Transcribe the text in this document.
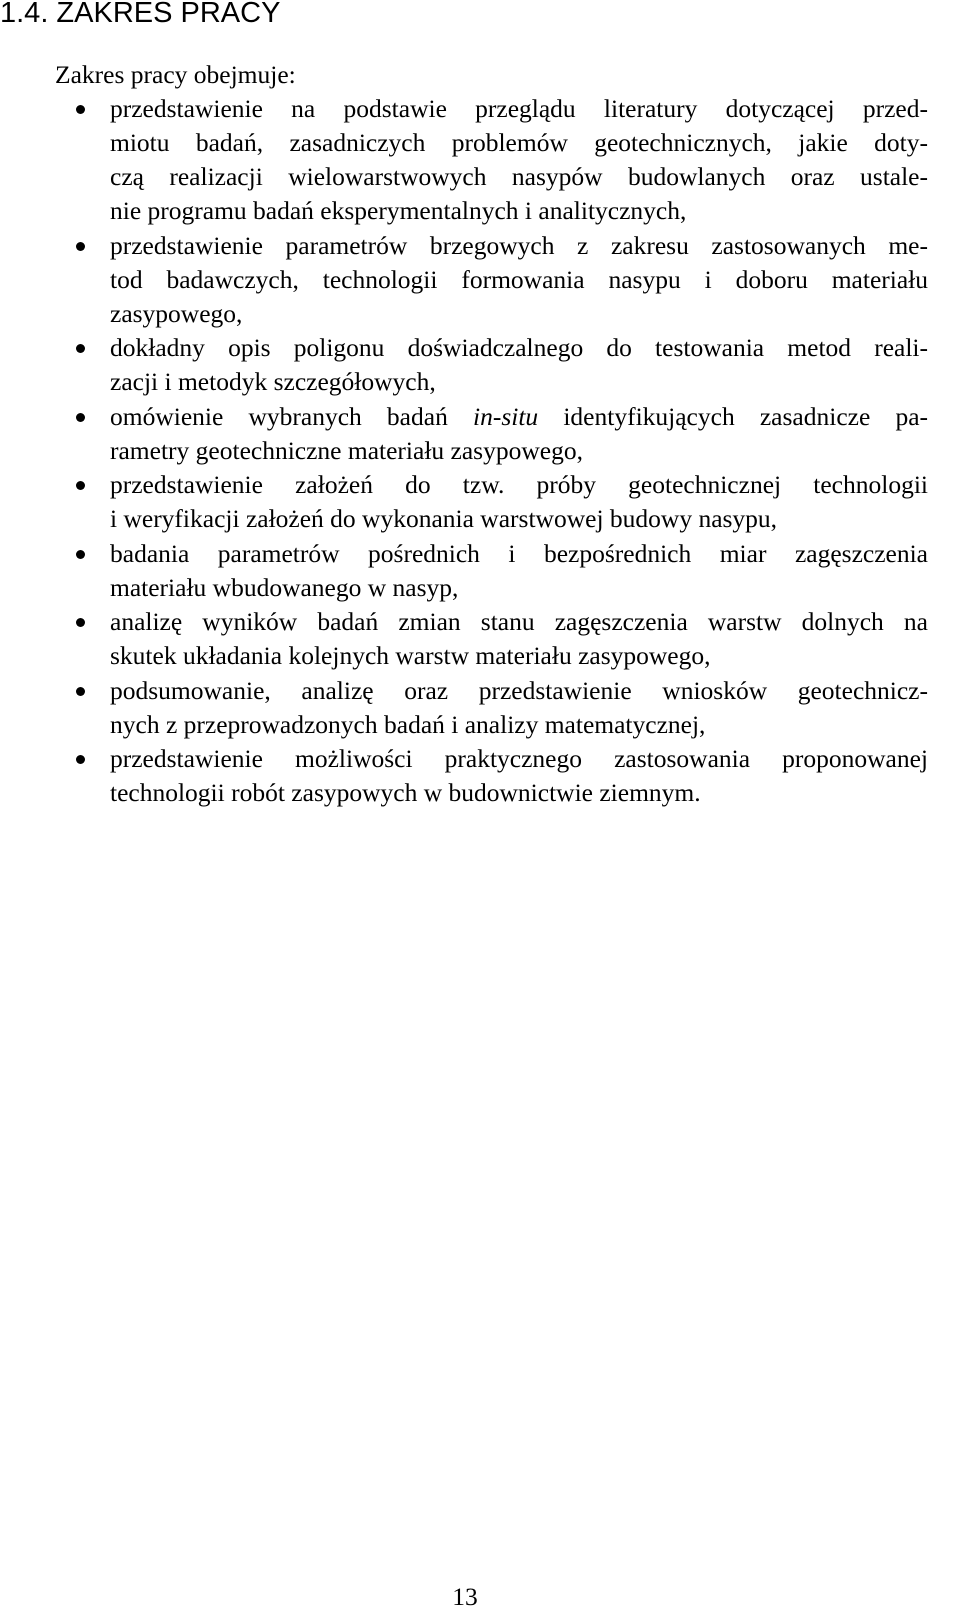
1.4. ZAKRES PRACY

Zakres pracy obejmuje:

przedstawienie na podstawie przeglądu literatury dotyczącej przed-
miotu badań, zasadniczych problemów geotechnicznych, jakie doty-
czą realizacji wielowarstwowych nasypów budowlanych oraz ustale-
nie programu badań eksperymentalnych i analitycznych,
przedstawienie parametrów brzegowych z zakresu zastosowanych me-
tod badawczych, technologii formowania nasypu i doboru materiału
zasypowego,
dokładny opis poligonu doświadczalnego do testowania metod reali-
zacji i metodyk szczegółowych,
omówienie wybranych badań in-situ identyfikujących zasadnicze pa-
rametry geotechniczne materiału zasypowego,
przedstawienie założeń do tzw. próby geotechnicznej technologii
i weryfikacji założeń do wykonania warstwowej budowy nasypu,
badania parametrów pośrednich i bezpośrednich miar zagęszczenia
materiału wbudowanego w nasyp,
analizę wyników badań zmian stanu zagęszczenia warstw dolnych na
skutek układania kolejnych warstw materiału zasypowego,
podsumowanie, analizę oraz przedstawienie wniosków geotechnicz-
nych z przeprowadzonych badań i analizy matematycznej,
przedstawienie możliwości praktycznego zastosowania proponowanej
technologii robót zasypowych w budownictwie ziemnym.

13
